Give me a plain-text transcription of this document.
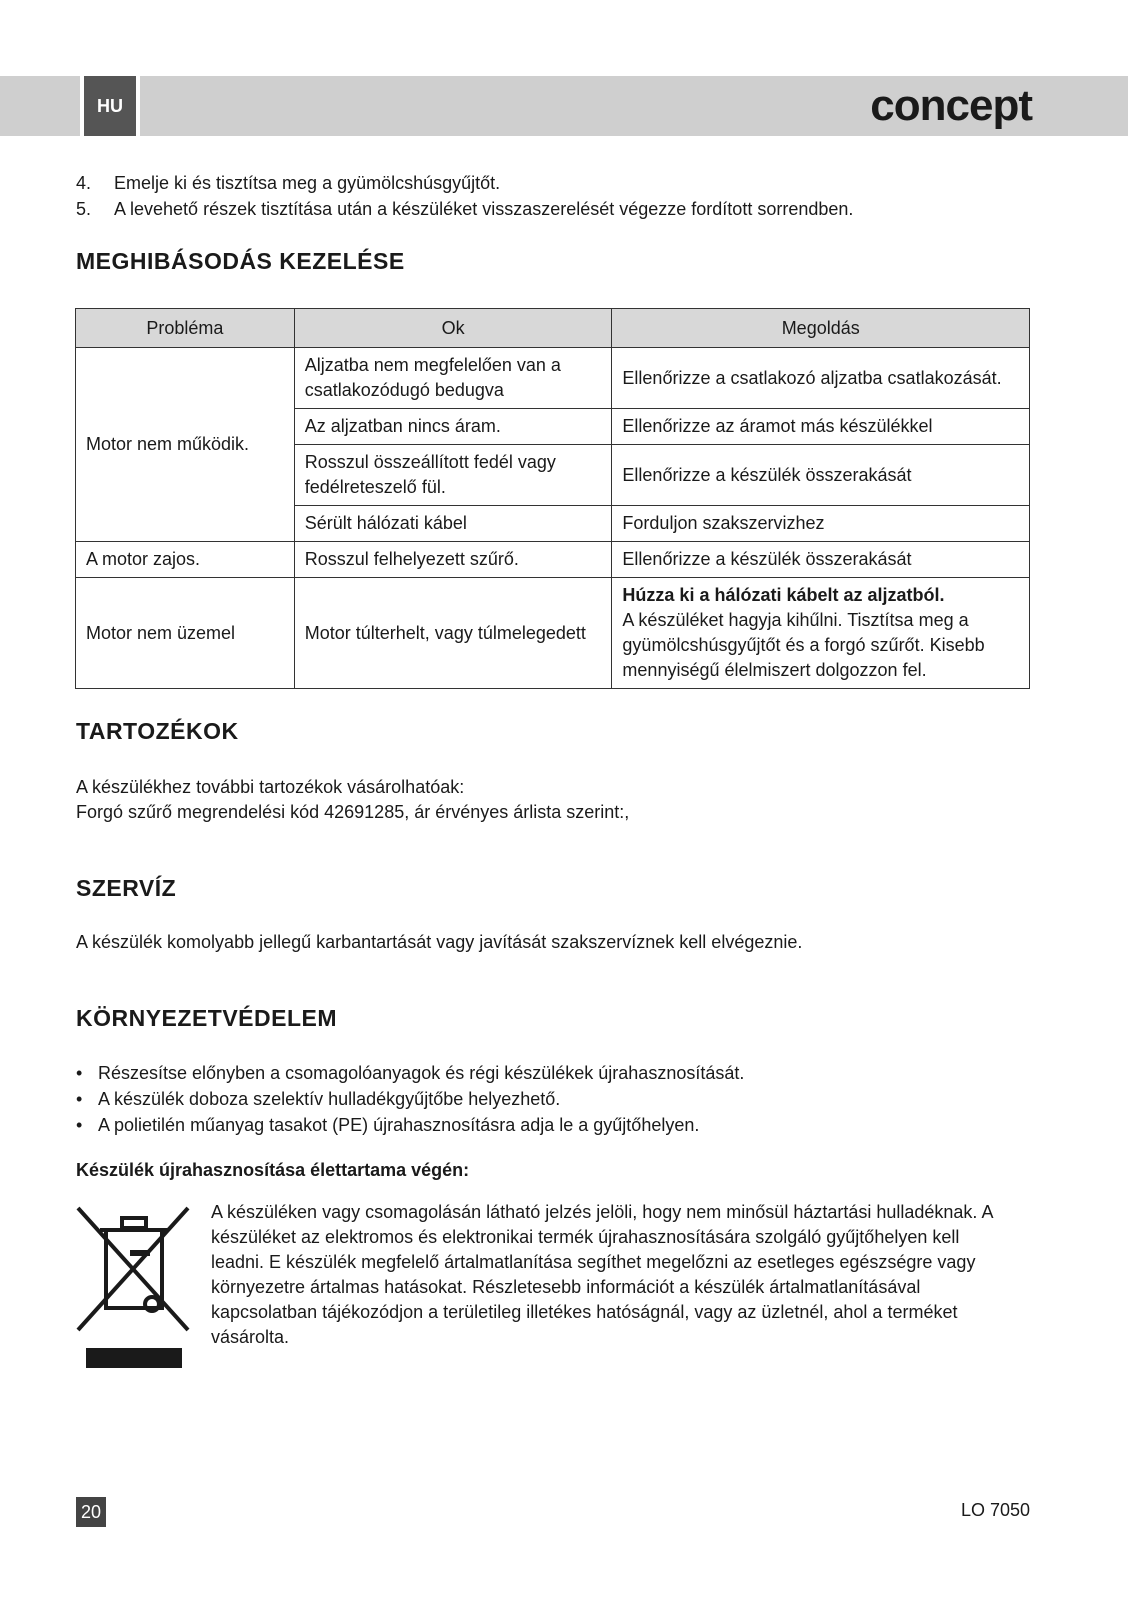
HU	concept
4.	Emelje ki és tisztítsa meg a gyümölcshúsgyűjtőt.
5.	A levehető részek tisztítása után a készüléket visszaszerelését végezze fordított sorrendben.
MEGHIBÁSODÁS KEZELÉSE
Probléma	Ok	Megoldás
Motor nem működik.	Aljzatba nem megfelelően van a csatlakozódugó bedugva	Ellenőrizze a csatlakozó aljzatba csatlakozását.
	Az aljzatban nincs áram.	Ellenőrizze az áramot más készülékkel
	Rosszul összeállított fedél vagy fedélreteszelő fül.	Ellenőrizze a készülék összerakását
	Sérült hálózati kábel	Forduljon szakszervizhez
A motor zajos.	Rosszul felhelyezett szűrő.	Ellenőrizze a készülék összerakását
Motor nem üzemel	Motor túlterhelt, vagy túlmelegedett	Húzza ki a hálózati kábelt az aljzatból.
A készüléket hagyja kihűlni. Tisztítsa meg a gyümölcshúsgyűjtőt és a forgó szűrőt. Kisebb mennyiségű élelmiszert dolgozzon fel.
TARTOZÉKOK

A készülékhez további tartozékok vásárolhatóak:

Forgó szűrő megrendelési kód 42691285, ár érvényes árlista szerint:,

SZERVÍZ

A készülék komolyabb jellegű karbantartását vagy javítását szakszervíznek kell elvégeznie.

KÖRNYEZETVÉDELEM
• Részesítse előnyben a csomagolóanyagok és régi készülékek újrahasznosítását.
• A készülék doboza szelektív hulladékgyűjtőbe helyezhető.
• A polietilén műanyag tasakot (PE) újrahasznosításra adja le a gyűjtőhelyen.

Készülék újrahasznosítása élettartama végén:

A készüléken vagy csomagolásán látható jelzés jelöli, hogy nem minősül háztartási hulladéknak. A készüléket az elektromos és elektronikai termék újrahasznosítására szolgáló gyűjtőhelyen kell leadni. E készülék megfelelő ártalmatlanítása segíthet megelőzni az esetleges egészségre vagy környezetre ártalmas hatásokat. Részletesebb információt a készülék ártalmatlanításával kapcsolatban tájékozódjon a területileg illetékes hatóságnál, vagy az üzletnél, ahol a terméket vásárolta.

20	LO 7050
